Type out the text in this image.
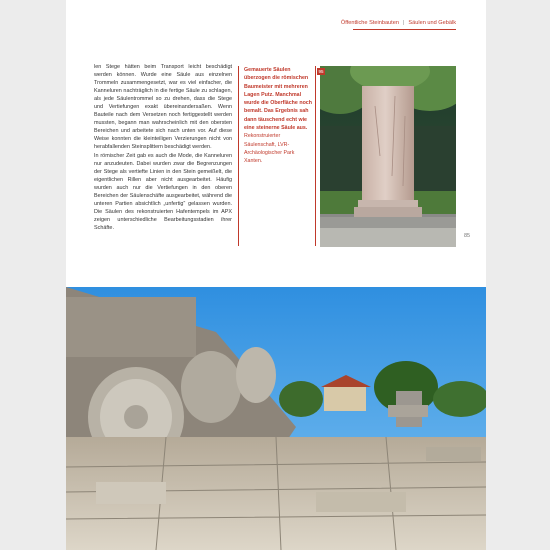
Öffentliche Steinbauten | Säulen und Gebälk

len Stege hätten beim Transport leicht beschädigt werden können. Wurde eine Säule aus einzelnen Trommeln zusammengesetzt, war es viel einfacher, die Kanneluren nachträglich in die fertige Säule zu schlagen, als jede Säulentrommel so zu drehen, dass die Stege und Vertiefungen exakt übereinandersaßen. Wenn Bauteile nach dem Versetzen noch fertiggestellt werden mussten, begann man wahrscheinlich mit den obersten Bereichen und arbeitete sich nach unten vor. Auf diese Weise konnten die kleinteiligen Verzierungen nicht von herabfallenden Steinsplittern beschädigt werden.

In römischer Zeit gab es auch die Mode, die Kanneluren nur anzudeuten. Dabei wurden zwar die Begrenzungen der Stege als vertiefte Linien in den Stein gemeißelt, die eigentlichen Rillen aber nicht ausgearbeitet. Häufig wurden auch nur die Vertiefungen in den oberen Bereichen der Säulenschäfte ausgearbeitet, während die unteren Partien absichtlich „unfertig“ gelassen wurden. Die Säulen des rekonstruierten Hafentempels im APX zeigen unterschiedliche Bearbeitungsstadien ihrer Schäfte.

Gemauerte Säulen überzogen die römischen Baumeister mit mehreren Lagen Putz. Manchmal wurde die Oberfläche noch bemalt. Das Ergebnis sah dann täuschend echt wie eine steinerne Säule aus. Rekonstruierter Säulenschaft, LVR-Archäologischer Park Xanten.
95
85
